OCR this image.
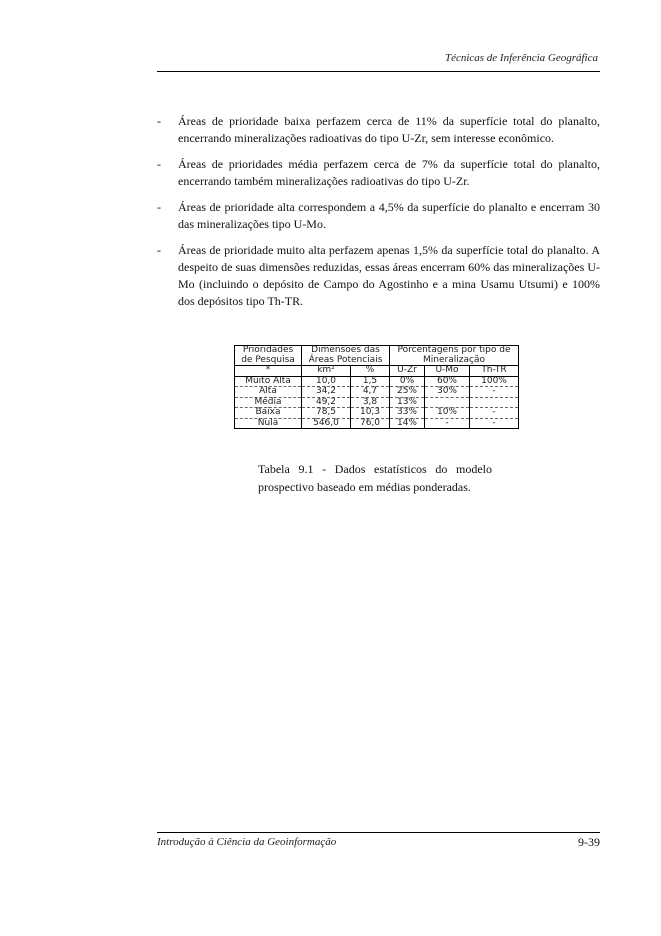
Técnicas de Inferência Geográfica
- Áreas de prioridade baixa perfazem cerca de 11% da superfície total do planalto, encerrando mineralizações radioativas do tipo U-Zr, sem interesse econômico.
- Áreas de prioridades média perfazem cerca de 7% da superfície total do planalto, encerrando também mineralizações radioativas do tipo U-Zr.
- Áreas de prioridade alta correspondem a 4,5% da superfície do planalto e encerram 30 das mineralizações tipo U-Mo.
- Áreas de prioridade muito alta perfazem apenas 1,5% da superfície total do planalto. A despeito de suas dimensões reduzidas, essas áreas encerram 60% das mineralizações U-Mo (incluindo o depósito de Campo do Agostinho e a mina Usamu Utsumi) e 100% dos depósitos tipo Th-TR.
Prioridades de Pesquisa	Dimensões das Áreas Potenciais		Porcentagens por tipo de Mineralização		
*	km²	%	U-Zr	U-Mo	Th-TR
Muito Alta	10,0	1,5	0%	60%	100%
Alta	34,2	4,7	25%	30%	-
Média	49,2	3,8	13%		
Baixa	78,5	10,3	33%	10%	-
Nula	546,0	76,0	14%	-	-
Tabela 9.1 - Dados estatísticos do modelo prospectivo baseado em médias ponderadas.
Introdução à Ciência da Geoinformação	9-39
